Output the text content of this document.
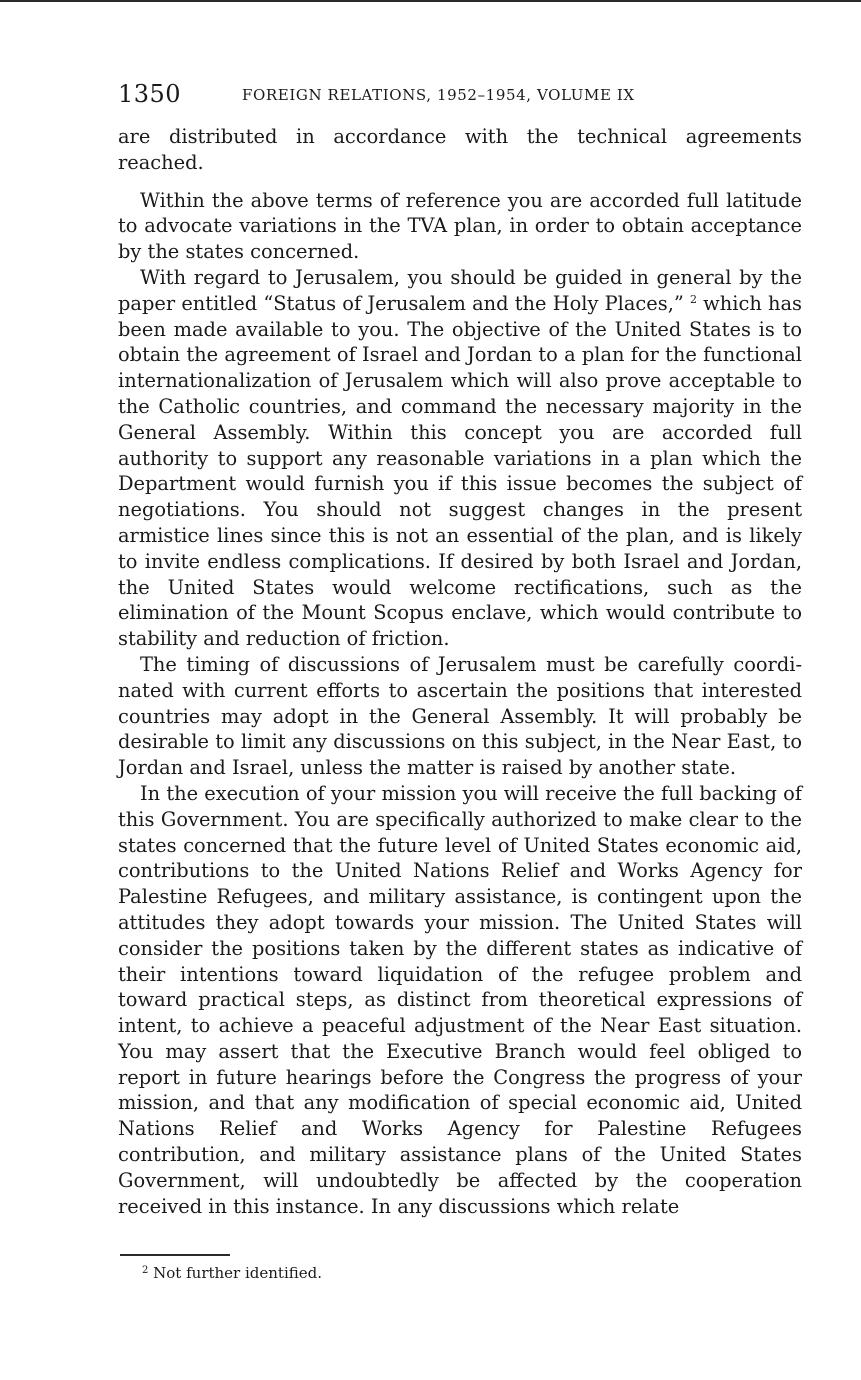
1350	FOREIGN RELATIONS, 1952–1954, VOLUME IX

are distributed in accordance with the technical agreements reached.

Within the above terms of reference you are accorded full latitude to advocate variations in the TVA plan, in order to obtain acceptance by the states concerned.

With regard to Jerusalem, you should be guided in general by the paper entitled “Status of Jerusalem and the Holy Places,” $^2$ which has been made available to you. The objective of the United States is to obtain the agreement of Israel and Jordan to a plan for the functional internationalization of Jerusalem which will also prove acceptable to the Catholic countries, and command the necessary majority in the General Assembly. Within this concept you are accorded full authority to support any reasonable variations in a plan which the Department would furnish you if this issue becomes the subject of negotiations. You should not suggest changes in the present armistice lines since this is not an essential of the plan, and is likely to invite endless complications. If desired by both Israel and Jordan, the United States would welcome rectifications, such as the elimination of the Mount Scopus enclave, which would contribute to stability and reduction of friction.

The timing of discussions of Jerusalem must be carefully coordinated with current efforts to ascertain the positions that interested countries may adopt in the General Assembly. It will probably be desirable to limit any discussions on this subject, in the Near East, to Jordan and Israel, unless the matter is raised by another state.

In the execution of your mission you will receive the full backing of this Government. You are specifically authorized to make clear to the states concerned that the future level of United States economic aid, contributions to the United Nations Relief and Works Agency for Palestine Refugees, and military assistance, is contingent upon the attitudes they adopt towards your mission. The United States will consider the positions taken by the different states as indicative of their intentions toward liquidation of the refugee problem and toward practical steps, as distinct from theoretical expressions of intent, to achieve a peaceful adjustment of the Near East situation. You may assert that the Executive Branch would feel obliged to report in future hearings before the Congress the progress of your mission, and that any modification of special economic aid, United Nations Relief and Works Agency for Palestine Refugees contribution, and military assistance plans of the United States Government, will undoubtedly be affected by the cooperation received in this instance. In any discussions which relate

$^2$ Not further identified.
